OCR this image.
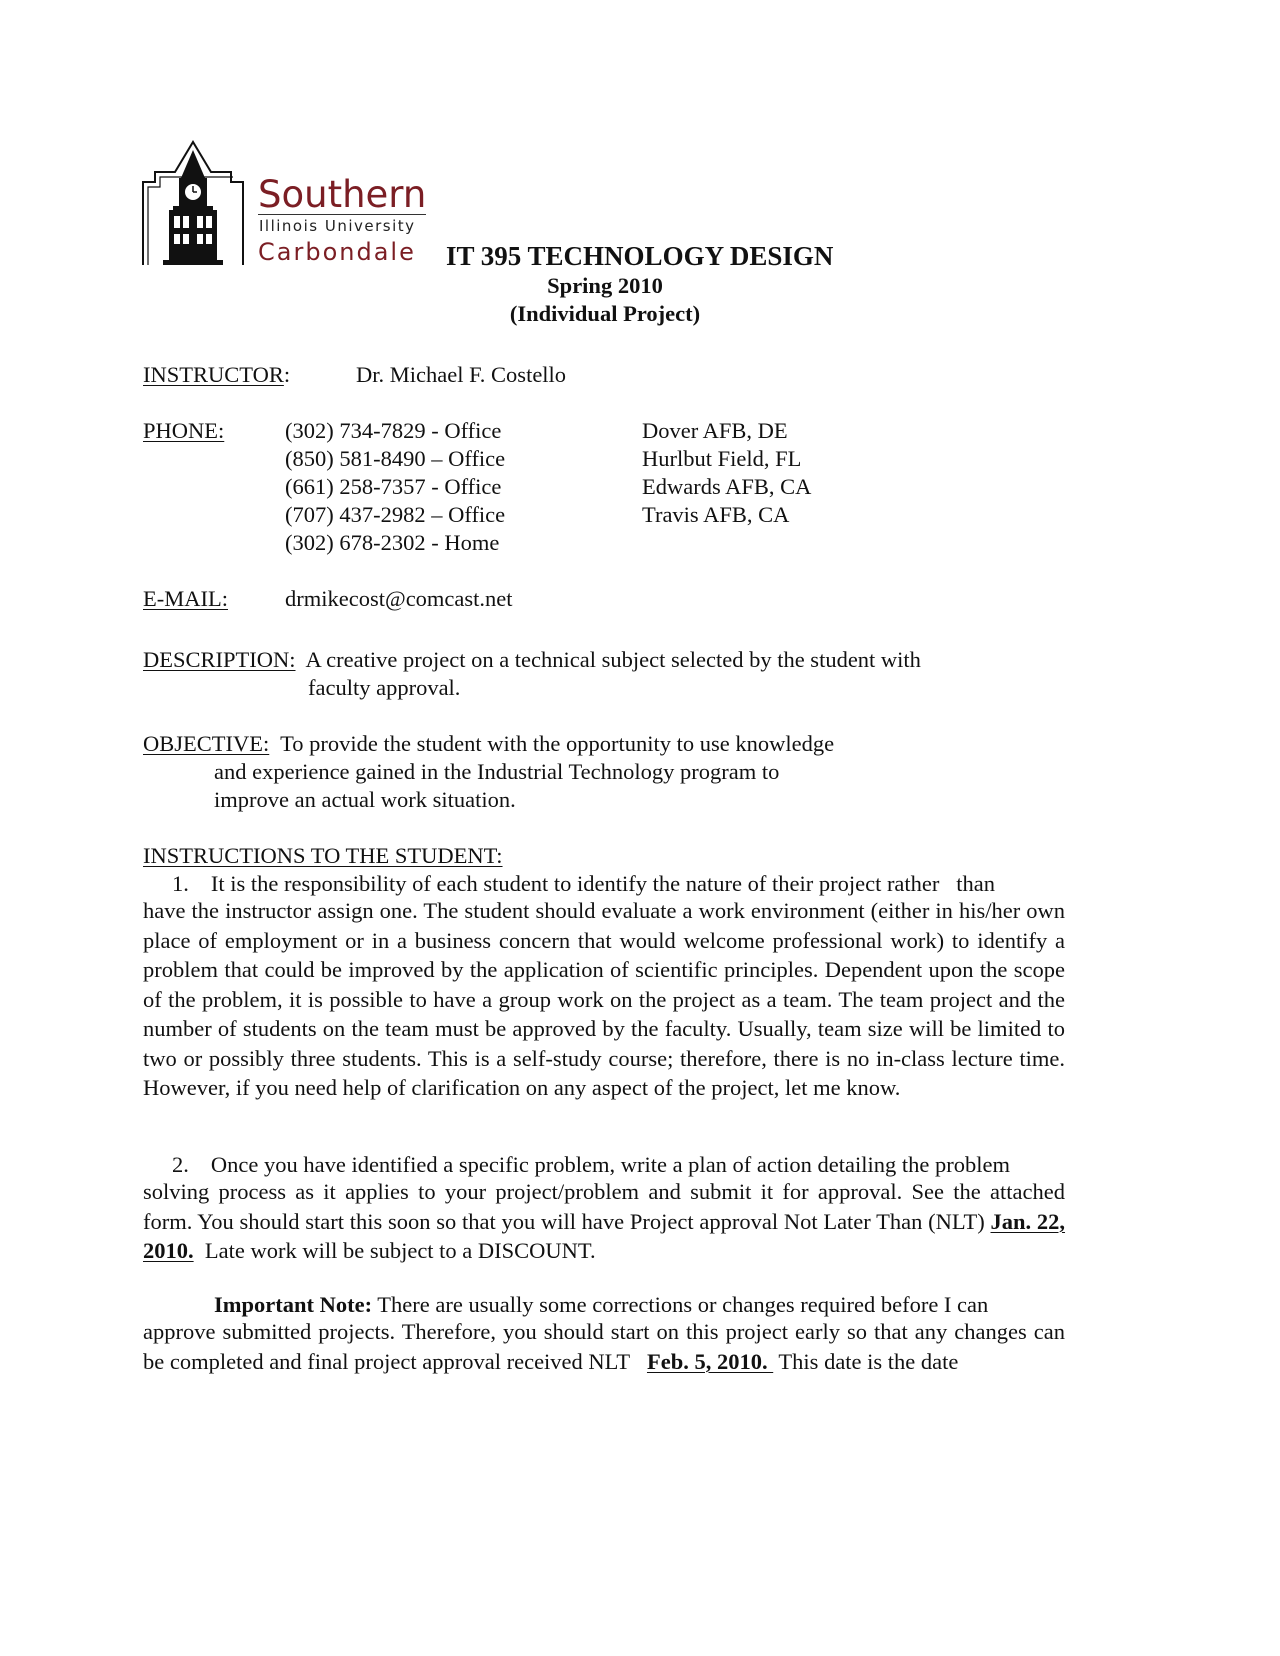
Southern
Illinois University
Carbondale IT 395 TECHNOLOGY DESIGN
Spring 2010
(Individual Project)
INSTRUCTOR:	Dr. Michael F. Costello
PHONE:	(302) 734-7829 - Office	Dover AFB, DE
(850) 581-8490 – Office	Hurlbut Field, FL
(661) 258-7357 - Office	Edwards AFB, CA
(707) 437-2982 – Office	Travis AFB, CA
(302) 678-2302 - Home
E-MAIL:	drmikecost@comcast.net
DESCRIPTION: A creative project on a technical subject selected by the student with
faculty approval.
OBJECTIVE: To provide the student with the opportunity to use knowledge
and experience gained in the Industrial Technology program to
improve an actual work situation.
INSTRUCTIONS TO THE STUDENT:
1. It is the responsibility of each student to identify the nature of their project rather   than

have the instructor assign one. The student should evaluate a work environment (either in his/her own place of employment or in a business concern that would welcome professional work) to identify a problem that could be improved by the application of scientific principles. Dependent upon the scope of the problem, it is possible to have a group work on the project as a team. The team project and the number of students on the team must be approved by the faculty. Usually, team size will be limited to two or possibly three students. This is a self-study course; therefore, there is no in-class lecture time. However, if you need help of clarification on any aspect of the project, let me know.

2. Once you have identified a specific problem, write a plan of action detailing the problem

solving process as it applies to your project/problem and submit it for approval. See the attached form. You should start this soon so that you will have Project approval Not Later Than (NLT) Jan. 22, 2010.  Late work will be subject to a DISCOUNT.

Important Note: There are usually some corrections or changes required before I can

approve submitted projects. Therefore, you should start on this project early so that any changes can be completed and final project approval received NLT Feb. 5, 2010.  This date is the date
